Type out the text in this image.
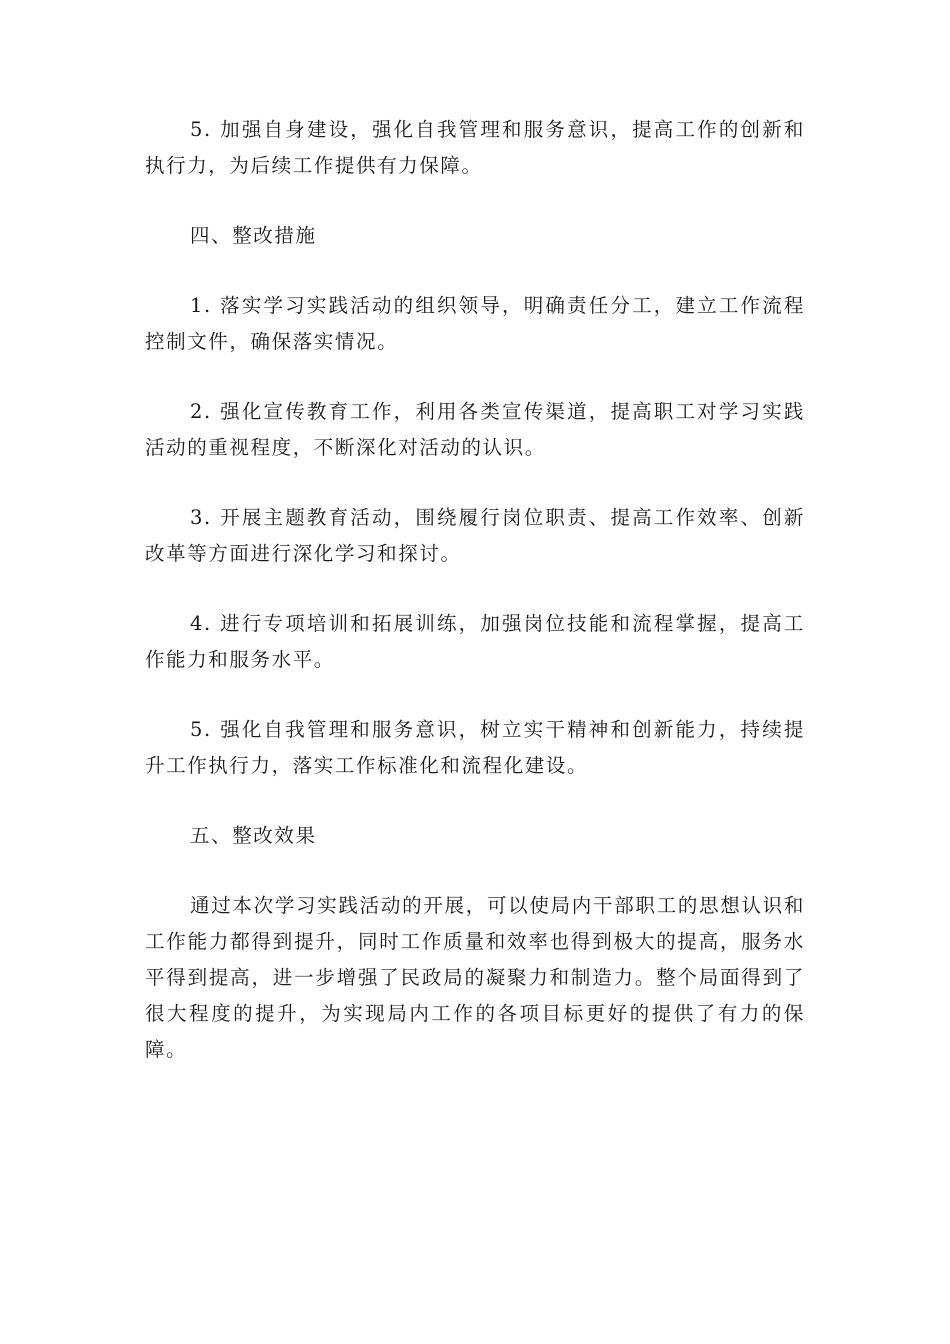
5. 加强自身建设，强化自我管理和服务意识，提高工作的创新和执行力，为后续工作提供有力保障。

四、整改措施

1. 落实学习实践活动的组织领导，明确责任分工，建立工作流程控制文件，确保落实情况。

2. 强化宣传教育工作，利用各类宣传渠道，提高职工对学习实践活动的重视程度，不断深化对活动的认识。

3. 开展主题教育活动，围绕履行岗位职责、提高工作效率、创新改革等方面进行深化学习和探讨。

4. 进行专项培训和拓展训练，加强岗位技能和流程掌握，提高工作能力和服务水平。

5. 强化自我管理和服务意识，树立实干精神和创新能力，持续提升工作执行力，落实工作标准化和流程化建设。

五、整改效果

通过本次学习实践活动的开展，可以使局内干部职工的思想认识和工作能力都得到提升，同时工作质量和效率也得到极大的提高，服务水平得到提高，进一步增强了民政局的凝聚力和制造力。整个局面得到了很大程度的提升，为实现局内工作的各项目标更好的提供了有力的保障。
